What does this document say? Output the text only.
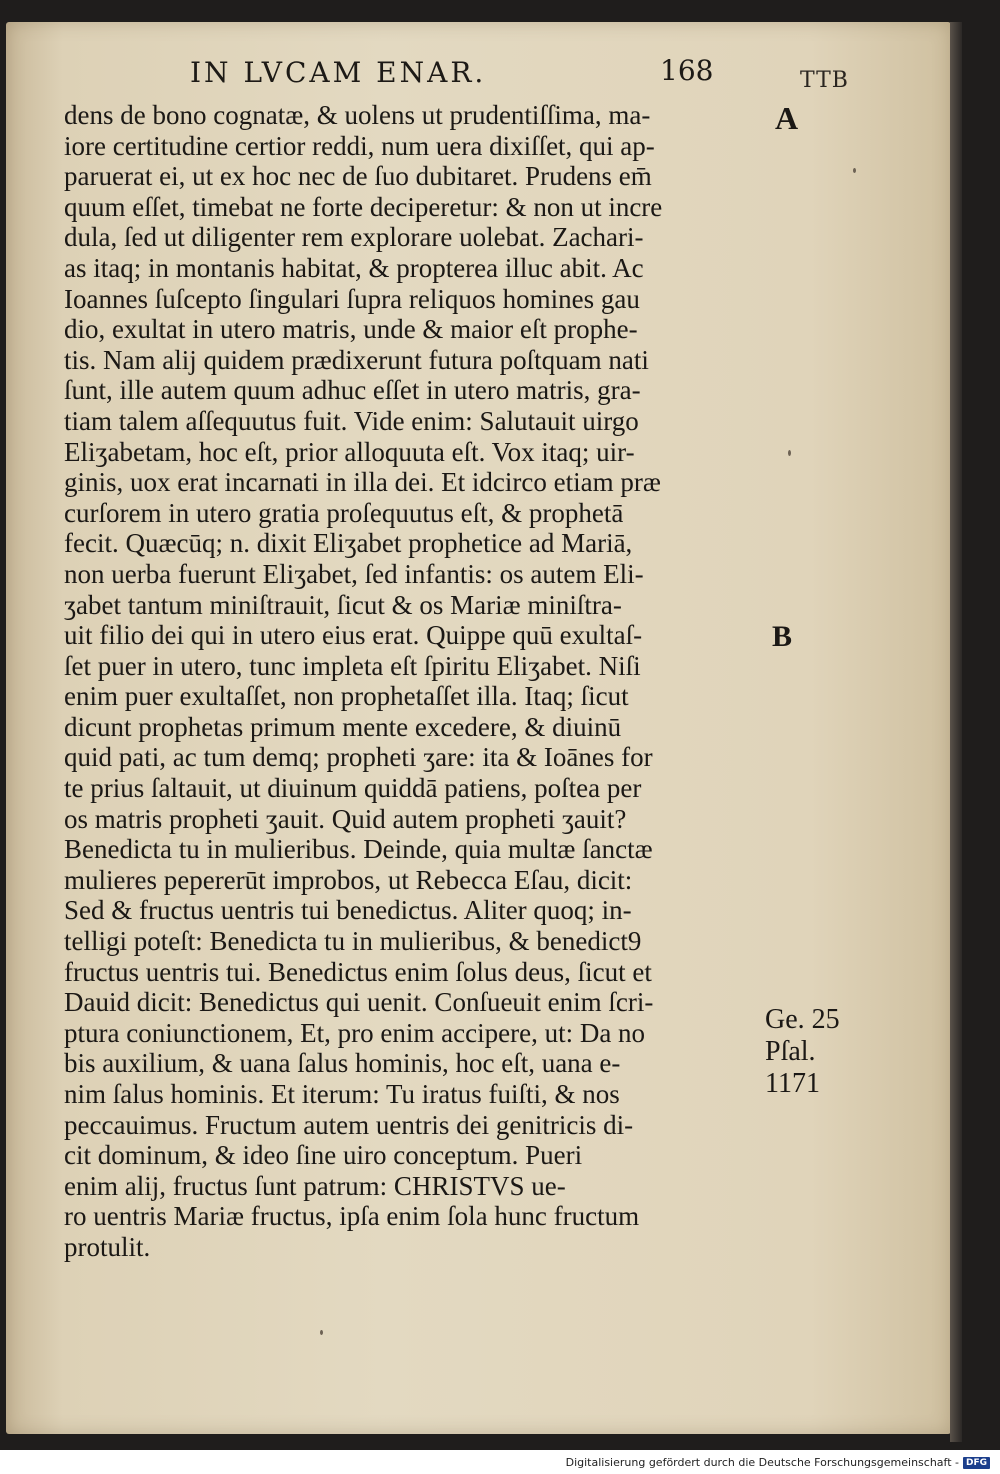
IN LVCAM ENAR.	168	TTB
dens de bono cognatæ, & uolens ut prudentiſſima, ma-
iore certitudine certior reddi, num uera dixiſſet, qui ap-
paruerat ei, ut ex hoc nec de ſuo dubitaret. Prudens em̄
quum eſſet, timebat ne forte deciperetur: & non ut incre
dula, ſed ut diligenter rem explorare uolebat. Zachari-
as itaq; in montanis habitat, & propterea illuc abit. Ac
Ioannes ſuſcepto ſingulari ſupra reliquos homines gau
dio, exultat in utero matris, unde & maior eſt prophe-
tis. Nam alij quidem prædixerunt futura poſtquam nati
ſunt, ille autem quum adhuc eſſet in utero matris, gra-
tiam talem aſſequutus fuit. Vide enim: Salutauit uirgo
Eliʒabetam, hoc eſt, prior alloquuta eſt. Vox itaq; uir-
ginis, uox erat incarnati in illa dei. Et idcirco etiam præ
curſorem in utero gratia proſequutus eſt, & prophetā
fecit. Quæcūq; n. dixit Eliʒabet prophetice ad Mariā,
non uerba fuerunt Eliʒabet, ſed infantis: os autem Eli-
ʒabet tantum miniſtrauit, ſicut & os Mariæ miniſtra-
uit filio dei qui in utero eius erat. Quippe quū exultaſ-
ſet puer in utero, tunc impleta eſt ſpiritu Eliʒabet. Niſi
enim puer exultaſſet, non prophetaſſet illa. Itaq; ſicut
dicunt prophetas primum mente excedere, & diuinū
quid pati, ac tum demq; propheti ʒare: ita & Ioānes for
te prius ſaltauit, ut diuinum quiddā patiens, poſtea per
os matris propheti ʒauit. Quid autem propheti ʒauit?
Benedicta tu in mulieribus. Deinde, quia multæ ſanctæ
mulieres pepererūt improbos, ut Rebecca Eſau, dicit:
Sed & fructus uentris tui benedictus. Aliter quoq; in-
telligi poteſt: Benedicta tu in mulieribus, & benedict9
fructus uentris tui. Benedictus enim ſolus deus, ſicut et
Dauid dicit: Benedictus qui uenit. Conſueuit enim ſcri-
ptura coniunctionem, Et, pro enim accipere, ut: Da no
bis auxilium, & uana ſalus hominis, hoc eſt, uana e-
nim ſalus hominis. Et iterum: Tu iratus fuiſti, & nos
peccauimus. Fructum autem uentris dei genitricis di-
cit dominum, & ideo ſine uiro conceptum. Pueri
enim alij, fructus ſunt patrum: CHRISTVS ue-
ro uentris Mariæ fructus, ipſa enim ſola hunc fructum
protulit.
A
B
Ge. 25
Pſal.
1171
Digitalisierung gefördert durch die Deutsche Forschungsgemeinschaft - DFG
